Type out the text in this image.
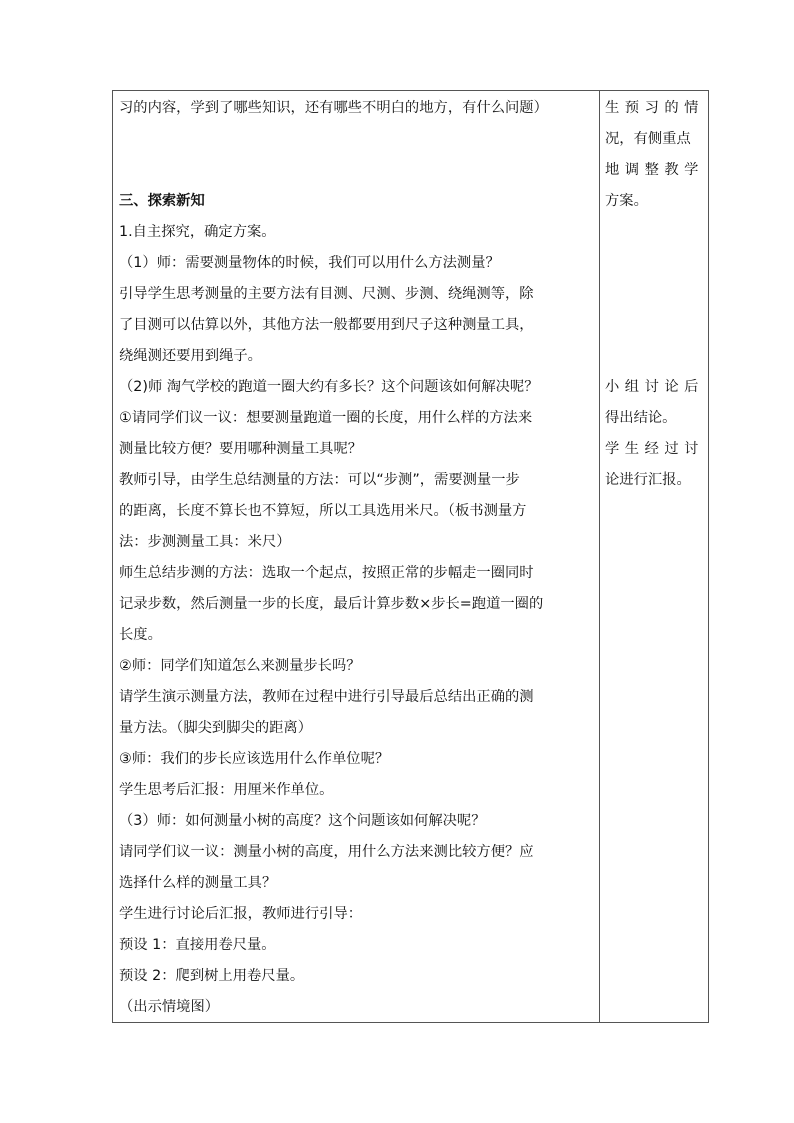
习的内容，学到了哪些知识，还有哪些不明白的地方，有什么问题）
三、探索新知
1.自主探究，确定方案。
（1）师：需要测量物体的时候，我们可以用什么方法测量？
引导学生思考测量的主要方法有目测、尺测、步测、绕绳测等，除
了目测可以估算以外，其他方法一般都要用到尺子这种测量工具，
绕绳测还要用到绳子。
（2)师 淘气学校的跑道一圈大约有多长？这个问题该如何解决呢？
①请同学们议一议：想要测量跑道一圈的长度，用什么样的方法来
测量比较方便？要用哪种测量工具呢？
教师引导，由学生总结测量的方法：可以“步测”，需要测量一步
的距离，长度不算长也不算短，所以工具选用米尺。（板书测量方
法：步测测量工具：米尺）
师生总结步测的方法：选取一个起点，按照正常的步幅走一圈同时
记录步数，然后测量一步的长度，最后计算步数×步长=跑道一圈的
长度。
②师：同学们知道怎么来测量步长吗？
请学生演示测量方法，教师在过程中进行引导最后总结出正确的测
量方法。（脚尖到脚尖的距离）
③师：我们的步长应该选用什么作单位呢？
学生思考后汇报：用厘米作单位。
（3）师：如何测量小树的高度？这个问题该如何解决呢？
请同学们议一议：测量小树的高度，用什么方法来测比较方便？应
选择什么样的测量工具？
学生进行讨论后汇报，教师进行引导：
预设 1：直接用卷尺量。
预设 2：爬到树上用卷尺量。
（出示情境图）
生预习的情
况，有侧重点
地调整教学
方案。
小组讨论后
得出结论。
学生经过讨
论进行汇报。
